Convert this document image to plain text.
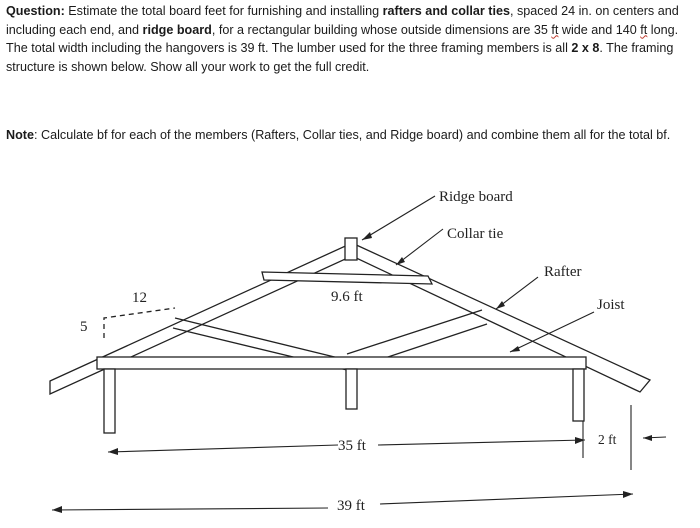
Question: Estimate the total board feet for furnishing and installing rafters and collar ties, spaced 24 in. on centers and including each end, and ridge board, for a rectangular building whose outside dimensions are 35 ft wide and 140 ft long. The total width including the hangovers is 39 ft. The lumber used for the three framing members is all 2 x 8. The framing structure is shown below. Show all your work to get the full credit.
Note: Calculate bf for each of the members (Rafters, Collar ties, and Ridge board) and combine them all for the total bf.
Ridge board
Collar tie
Rafter
Joist
12
5
9.6 ft
35 ft	2 ft
39 ft
